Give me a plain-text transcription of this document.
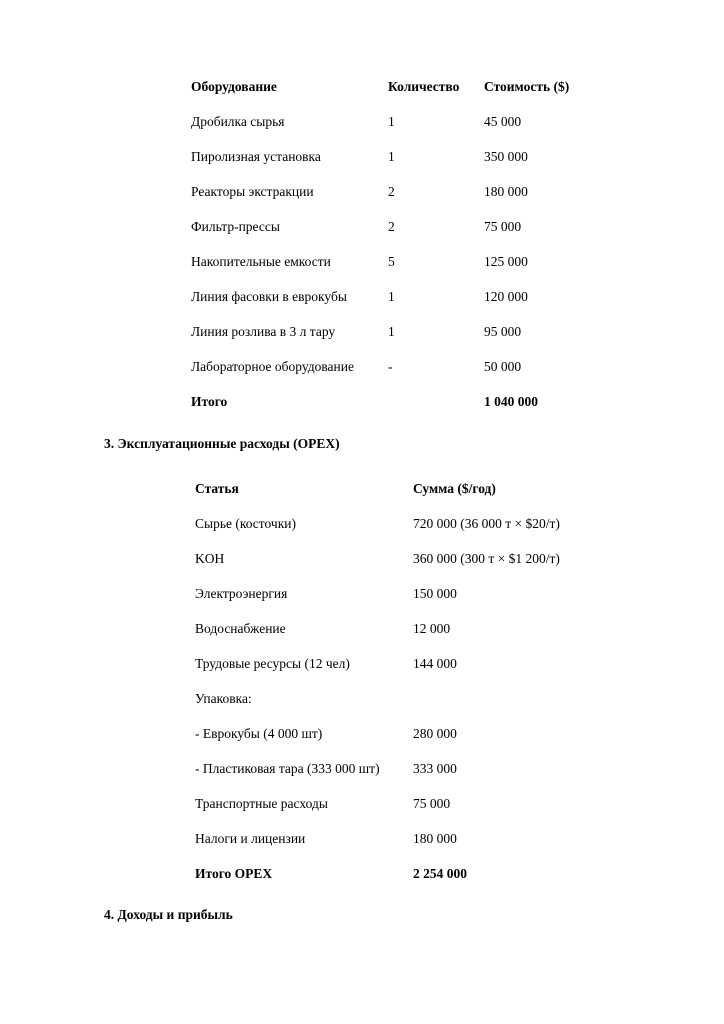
Оборудование	Количество	Стоимость ($)
Дробилка сырья	1	45 000
Пиролизная установка	1	350 000
Реакторы экстракции	2	180 000
Фильтр-прессы	2	75 000
Накопительные емкости	5	125 000
Линия фасовки в еврокубы	1	120 000
Линия розлива в 3 л тару	1	95 000
Лабораторное оборудование	-	50 000
Итого		1 040 000
3. Эксплуатационные расходы (OPEX)
Статья	Сумма ($/год)
Сырье (косточки)	720 000 (36 000 т × $20/т)
KOH	360 000 (300 т × $1 200/т)
Электроэнергия	150 000
Водоснабжение	12 000
Трудовые ресурсы (12 чел)	144 000
Упаковка:	
- Еврокубы (4 000 шт)	280 000
- Пластиковая тара (333 000 шт)	333 000
Транспортные расходы	75 000
Налоги и лицензии	180 000
Итого OPEX	2 254 000
4. Доходы и прибыль
